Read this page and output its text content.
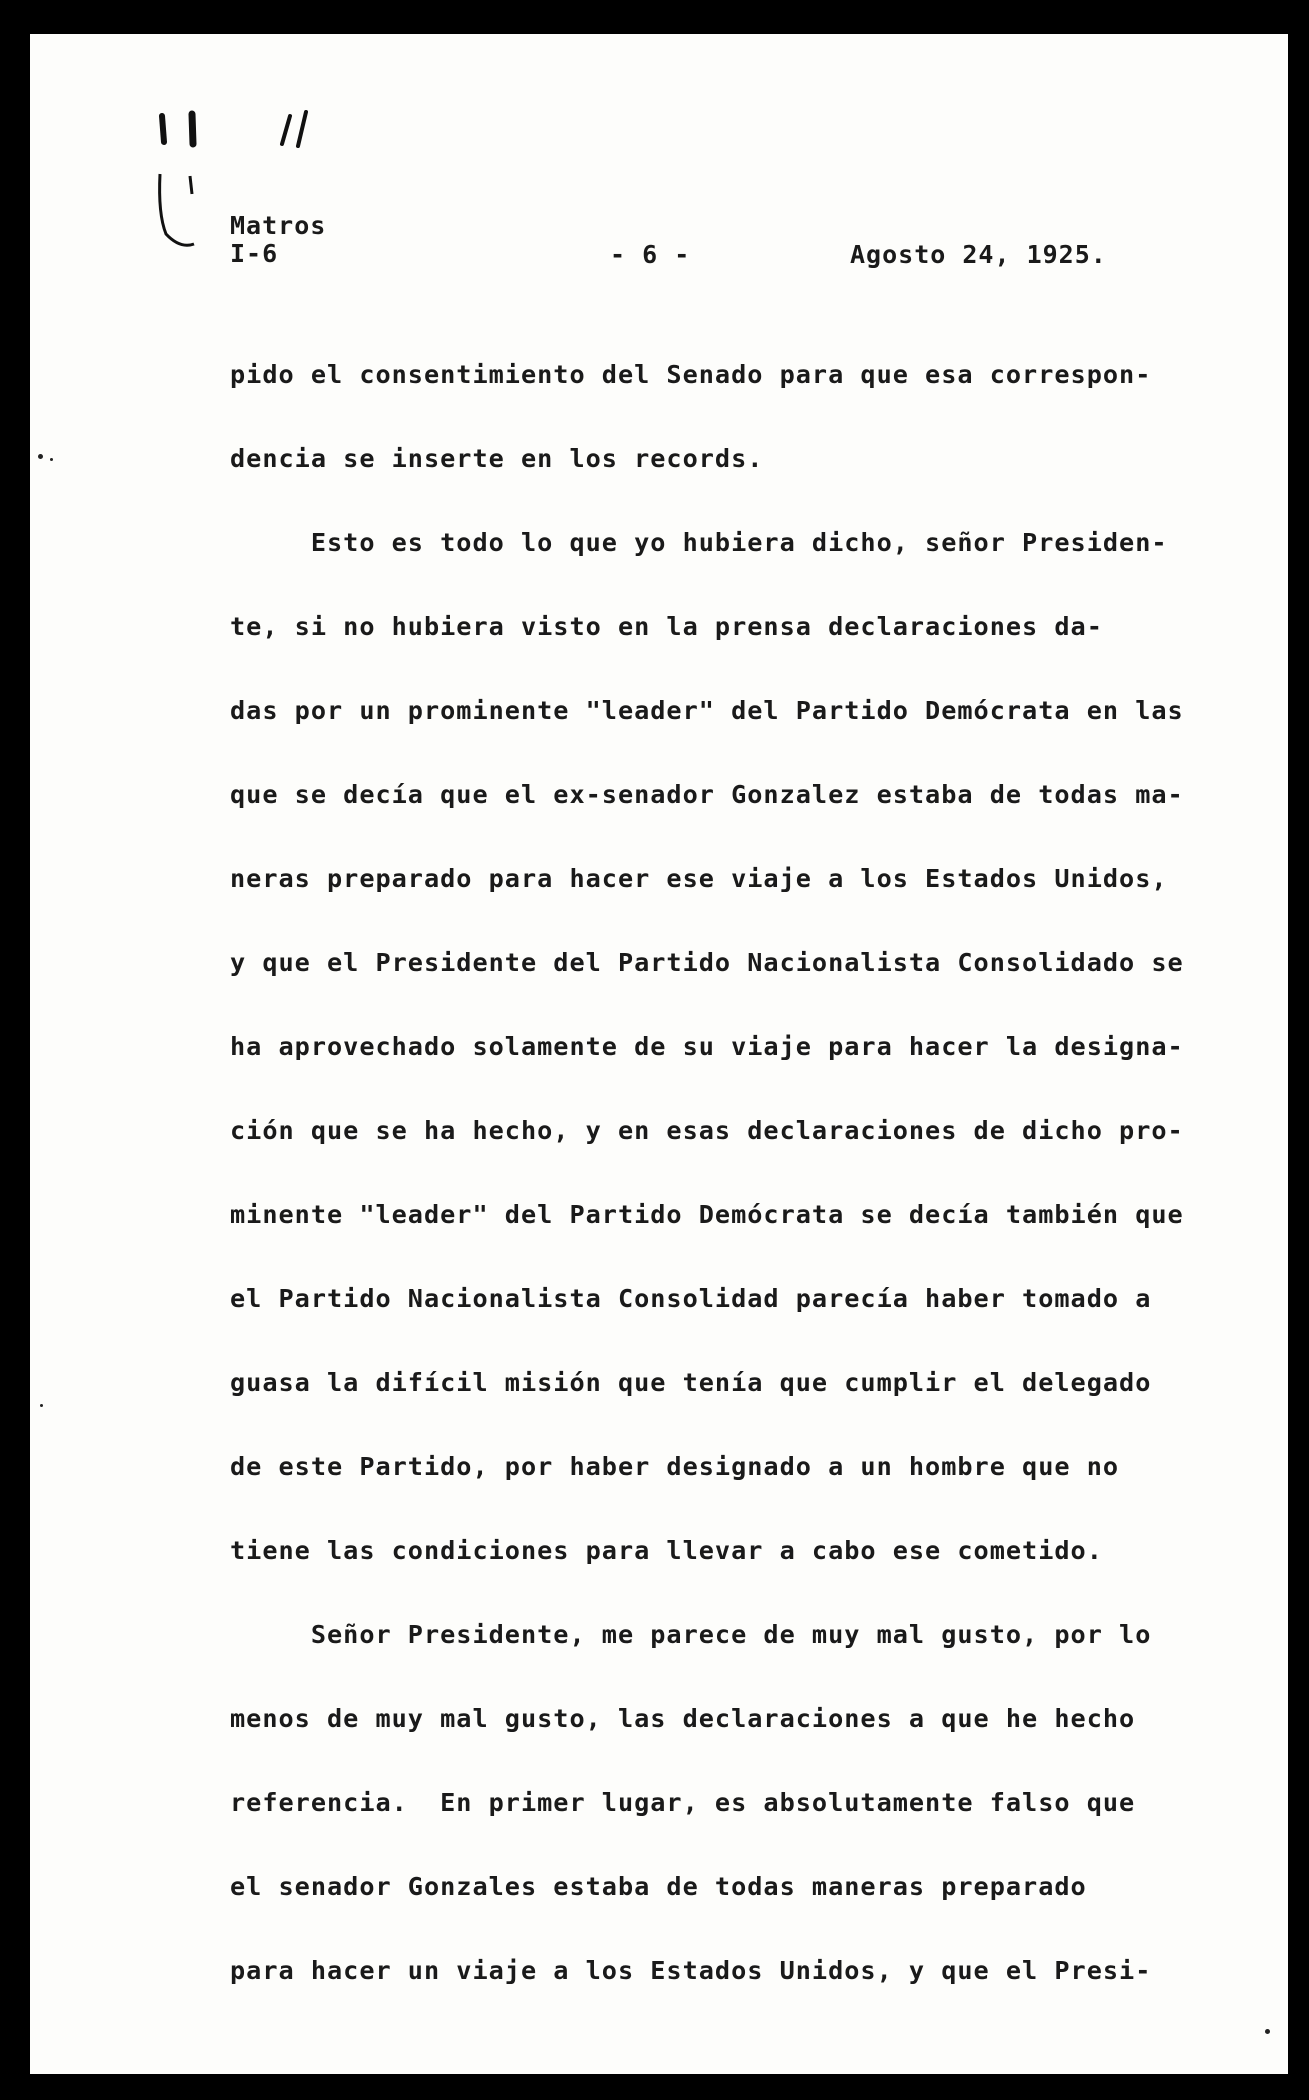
Matros
I-6	- 6 -	Agosto 24, 1925.
pido el consentimiento del Senado para que esa correspon-
dencia se inserte en los records.
Esto es todo lo que yo hubiera dicho, señor Presiden-
te, si no hubiera visto en la prensa declaraciones da-
das por un prominente "leader" del Partido Demócrata en las
que se decía que el ex-senador Gonzalez estaba de todas ma-
neras preparado para hacer ese viaje a los Estados Unidos,
y que el Presidente del Partido Nacionalista Consolidado se
ha aprovechado solamente de su viaje para hacer la designa-
ción que se ha hecho, y en esas declaraciones de dicho pro-
minente "leader" del Partido Demócrata se decía también que
el Partido Nacionalista Consolidad parecía haber tomado a
guasa la difícil misión que tenía que cumplir el delegado
de este Partido, por haber designado a un hombre que no
tiene las condiciones para llevar a cabo ese cometido.
Señor Presidente, me parece de muy mal gusto, por lo
menos de muy mal gusto, las declaraciones a que he hecho
referencia.  En primer lugar, es absolutamente falso que
el senador Gonzales estaba de todas maneras preparado
para hacer un viaje a los Estados Unidos, y que el Presi-
